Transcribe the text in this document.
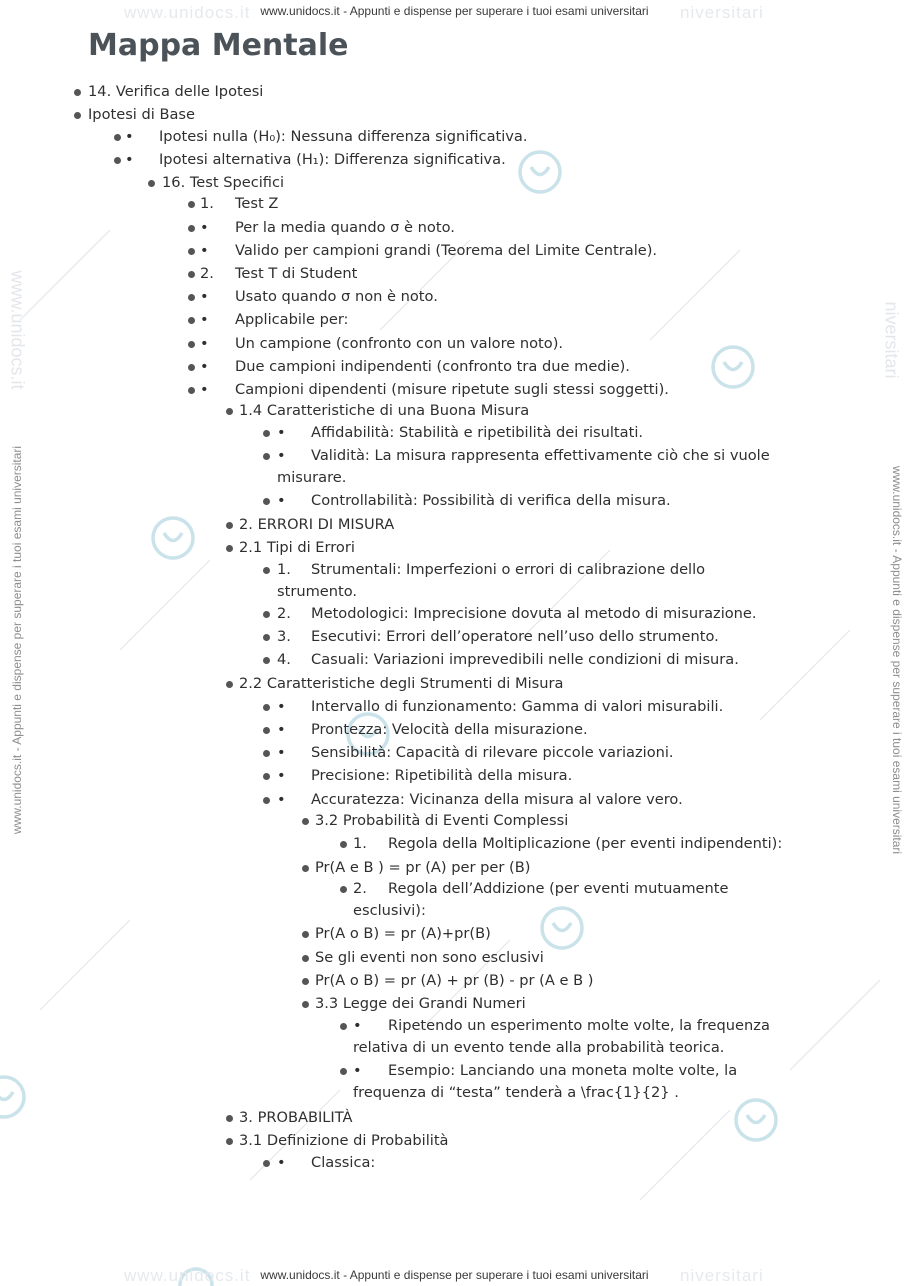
www.unidocs.it	niversitari
www.unidocs.it	niversitari
www.unidocs.it - Appunti e dispense per superare i tuoi esami universitari
www.unidocs.it - Appunti e dispense per superare i tuoi esami universitari
www.unidocs.it - Appunti e dispense per superare i tuoi esami universitari
www.unidocs.it
www.unidocs.it - Appunti e dispense per superare i tuoi esami universitari
niversitari
Mappa Mentale
14. Verifica delle Ipotesi
Ipotesi di Base
• Ipotesi nulla (H₀): Nessuna differenza significativa.
• Ipotesi alternativa (H₁): Differenza significativa.
16. Test Specifici
1. Test Z
• Per la media quando σ è noto.
• Valido per campioni grandi (Teorema del Limite Centrale).
2. Test T di Student
• Usato quando σ non è noto.
• Applicabile per:
• Un campione (confronto con un valore noto).
• Due campioni indipendenti (confronto tra due medie).
• Campioni dipendenti (misure ripetute sugli stessi soggetti).
1.4 Caratteristiche di una Buona Misura
• Affidabilità: Stabilità e ripetibilità dei risultati.
• Validità: La misura rappresenta effettivamente ciò che si vuole misurare.
• Controllabilità: Possibilità di verifica della misura.
2. ERRORI DI MISURA
2.1 Tipi di Errori
1. Strumentali: Imperfezioni o errori di calibrazione dello strumento.
2. Metodologici: Imprecisione dovuta al metodo di misurazione.
3. Esecutivi: Errori dell’operatore nell’uso dello strumento.
4. Casuali: Variazioni imprevedibili nelle condizioni di misura.
2.2 Caratteristiche degli Strumenti di Misura
• Intervallo di funzionamento: Gamma di valori misurabili.
• Prontezza: Velocità della misurazione.
• Sensibilità: Capacità di rilevare piccole variazioni.
• Precisione: Ripetibilità della misura.
• Accuratezza: Vicinanza della misura al valore vero.
3.2 Probabilità di Eventi Complessi
1. Regola della Moltiplicazione (per eventi indipendenti):
Pr(A e B ) = pr (A) per per (B)
2. Regola dell’Addizione (per eventi mutuamente esclusivi):
Pr(A o B) = pr (A)+pr(B)
Se gli eventi non sono esclusivi
Pr(A o B) = pr (A) + pr (B) - pr (A e B )
3.3 Legge dei Grandi Numeri
• Ripetendo un esperimento molte volte, la frequenza relativa di un evento tende alla probabilità teorica.
• Esempio: Lanciando una moneta molte volte, la frequenza di “testa” tenderà a \frac{1}{2} .
3. PROBABILITÀ
3.1 Definizione di Probabilità
• Classica:
